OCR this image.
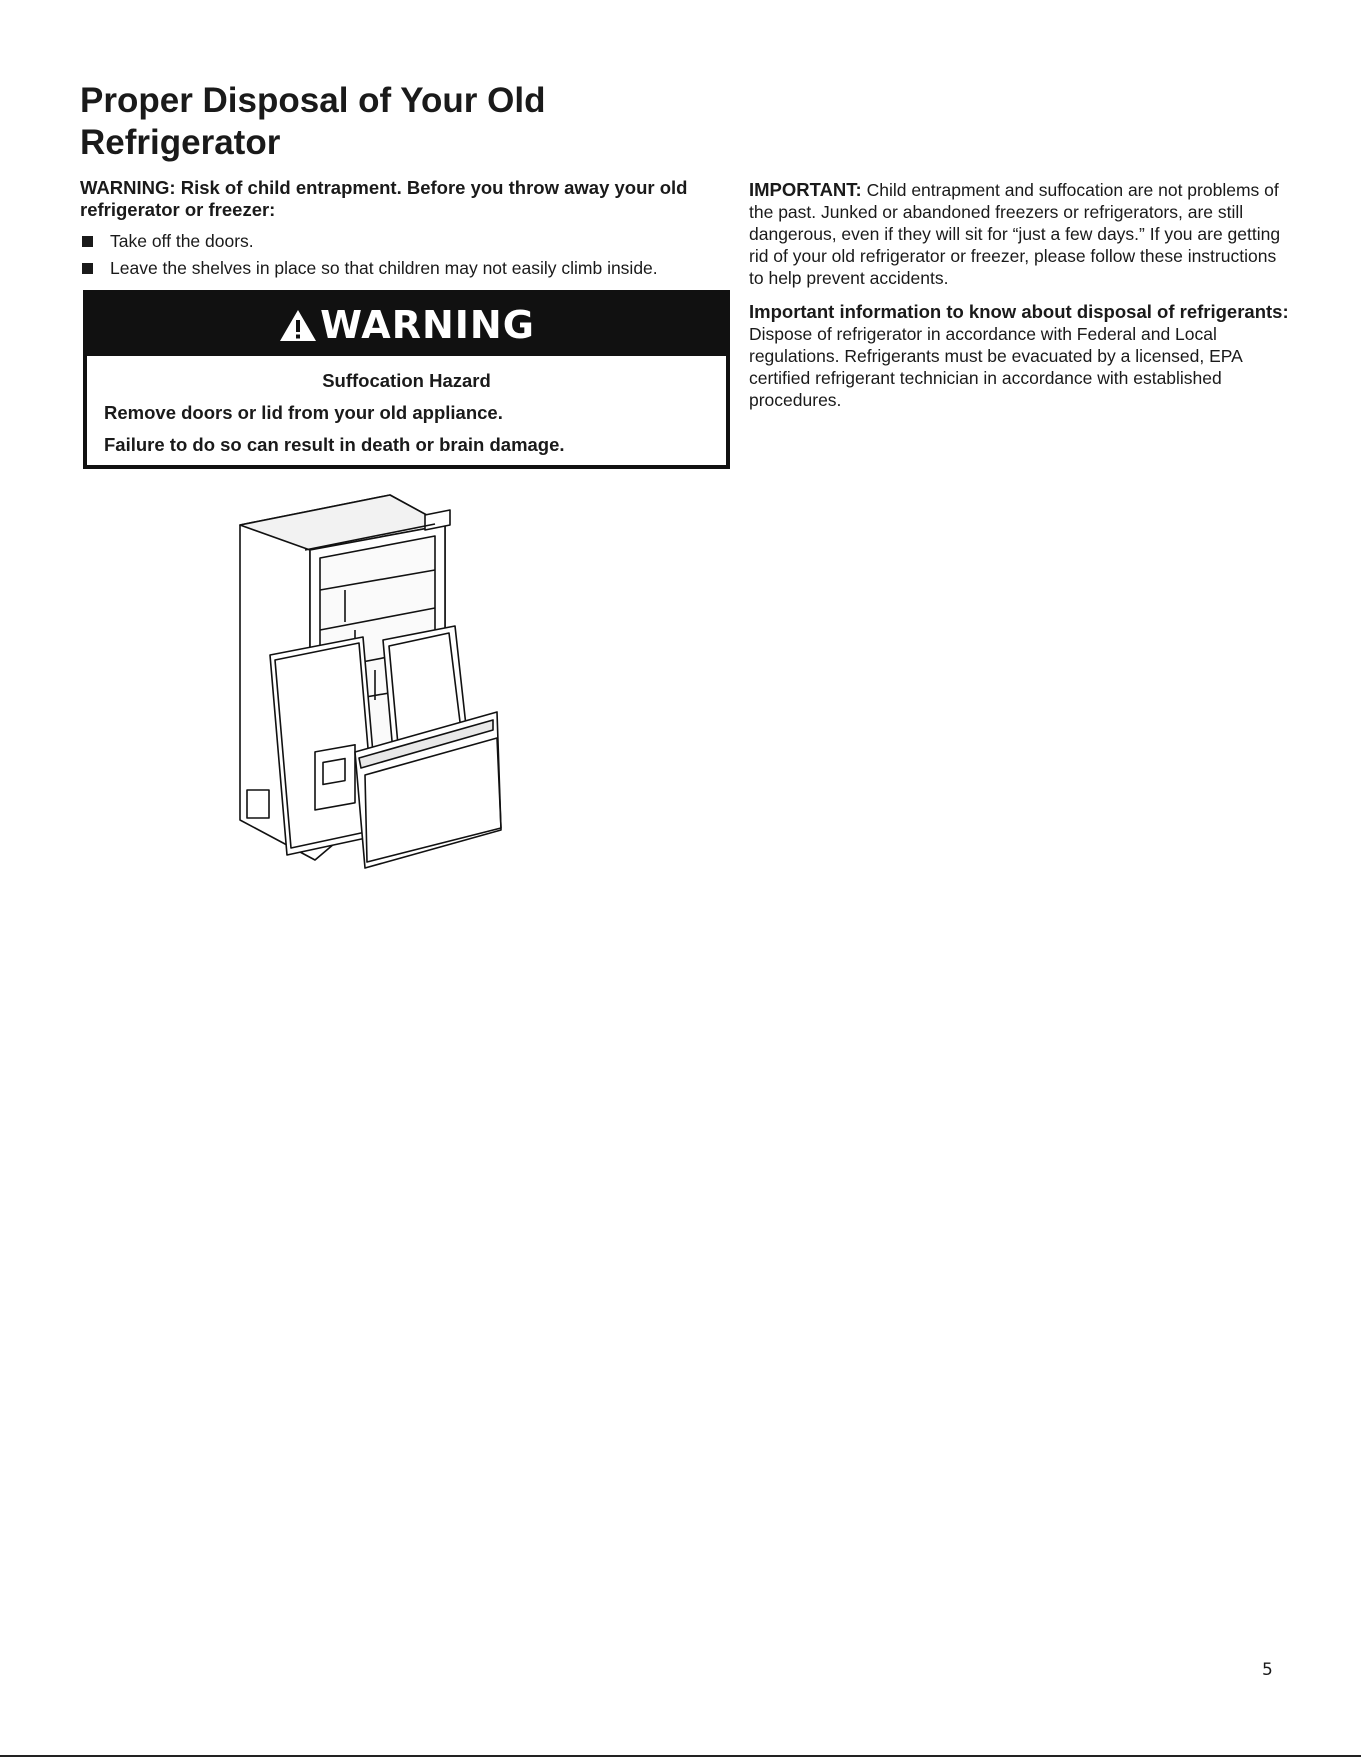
Proper Disposal of Your Old
Refrigerator

WARNING: Risk of child entrapment. Before you throw away your old
refrigerator or freezer:

Take off the doors.
Leave the shelves in place so that children may not easily climb inside.
WARNING
Suffocation Hazard
Remove doors or lid from your old appliance.
Failure to do so can result in death or brain damage.

IMPORTANT: Child entrapment and suffocation are not problems of the past. Junked or abandoned freezers or refrigerators, are still dangerous, even if they will sit for “just a few days.” If you are getting rid of your old refrigerator or freezer, please follow these instructions to help prevent accidents.

Important information to know about disposal of refrigerants:

Dispose of refrigerator in accordance with Federal and Local regulations. Refrigerants must be evacuated by a licensed, EPA certified refrigerant technician in accordance with established procedures.

5
